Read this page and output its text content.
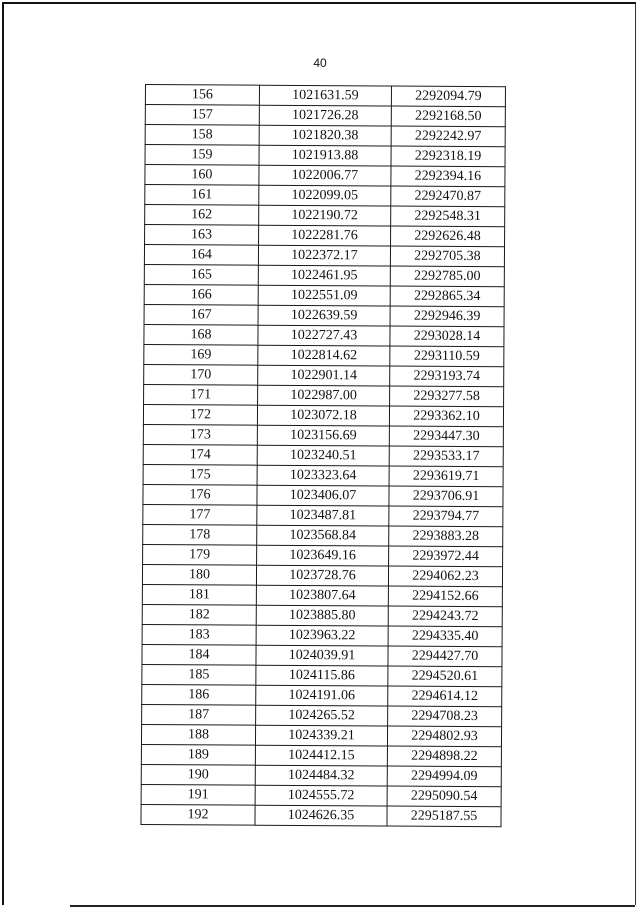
40
156	1021631.59	2292094.79
157	1021726.28	2292168.50
158	1021820.38	2292242.97
159	1021913.88	2292318.19
160	1022006.77	2292394.16
161	1022099.05	2292470.87
162	1022190.72	2292548.31
163	1022281.76	2292626.48
164	1022372.17	2292705.38
165	1022461.95	2292785.00
166	1022551.09	2292865.34
167	1022639.59	2292946.39
168	1022727.43	2293028.14
169	1022814.62	2293110.59
170	1022901.14	2293193.74
171	1022987.00	2293277.58
172	1023072.18	2293362.10
173	1023156.69	2293447.30
174	1023240.51	2293533.17
175	1023323.64	2293619.71
176	1023406.07	2293706.91
177	1023487.81	2293794.77
178	1023568.84	2293883.28
179	1023649.16	2293972.44
180	1023728.76	2294062.23
181	1023807.64	2294152.66
182	1023885.80	2294243.72
183	1023963.22	2294335.40
184	1024039.91	2294427.70
185	1024115.86	2294520.61
186	1024191.06	2294614.12
187	1024265.52	2294708.23
188	1024339.21	2294802.93
189	1024412.15	2294898.22
190	1024484.32	2294994.09
191	1024555.72	2295090.54
192	1024626.35	2295187.55
